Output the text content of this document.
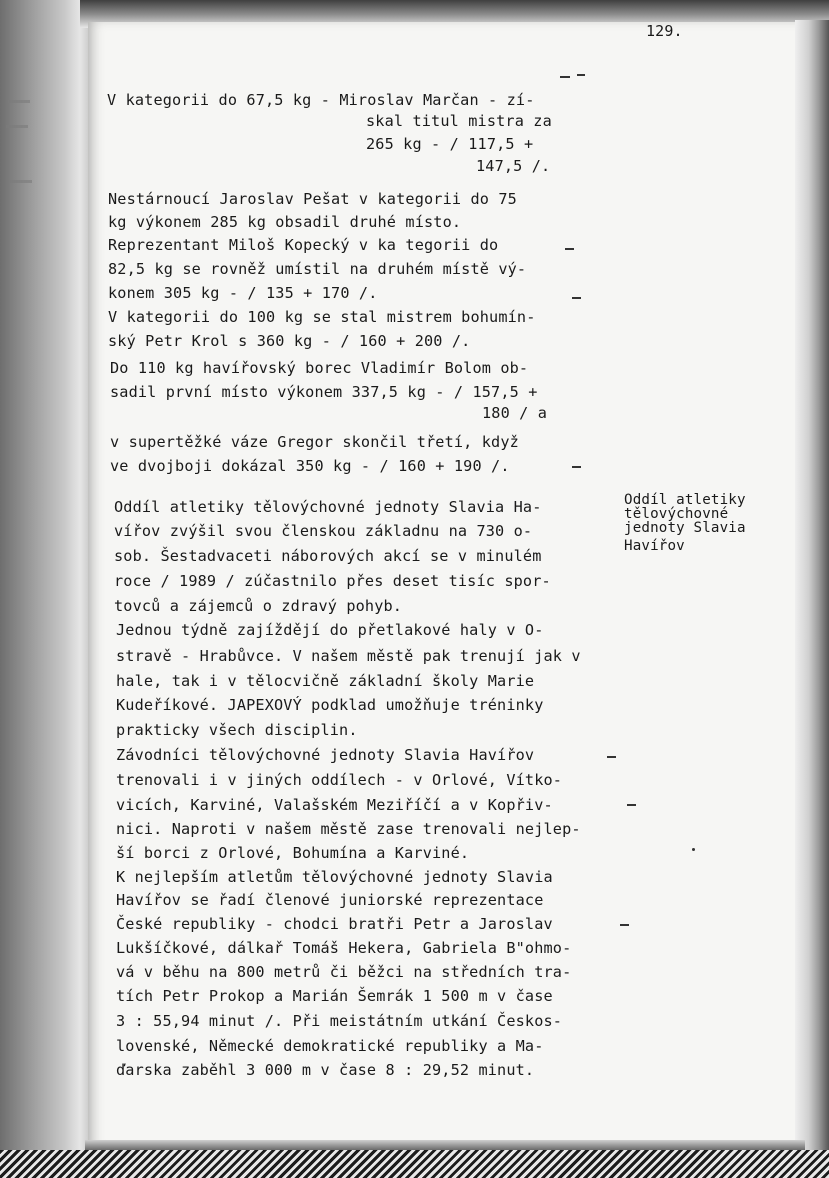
129.
V kategorii do 67,5 kg - Miroslav Marčan - zí-
skal titul mistra za
265 kg - / 117,5 +
147,5 /.
Nestárnoucí Jaroslav Pešat v kategorii do 75
kg výkonem 285 kg obsadil druhé místo.
Reprezentant Miloš Kopecký v ka tegorii do
82,5 kg se rovněž umístil na druhém místě vý-
konem 305 kg - / 135 + 170 /.
V kategorii do 100 kg se stal mistrem bohumín-
ský Petr Krol s 360 kg - / 160 + 200 /.
Do 110 kg havířovský borec Vladimír Bolom ob-
sadil první místo výkonem 337,5 kg - / 157,5 +
180 / a
v supertěžké váze Gregor skončil třetí, když
ve dvojboji dokázal 350 kg - / 160 + 190 /.
Oddíl atletiky tělovýchovné jednoty Slavia Ha-
vířov zvýšil svou členskou základnu na 730 o-
sob. Šestadvaceti náborových akcí se v minulém
roce / 1989 / zúčastnilo přes deset tisíc spor-
tovců a zájemců o zdravý pohyb.
Jednou týdně zajíždějí do přetlakové haly v O-
stravě - Hrabůvce. V našem městě pak trenují jak v
hale, tak i v tělocvičně základní školy Marie
Kudeříkové. JAPEXOVÝ podklad umožňuje tréninky
prakticky všech disciplin.
Závodníci tělovýchovné jednoty Slavia Havířov
trenovali i v jiných oddílech - v Orlové, Vítko-
vicích, Karviné, Valašském Meziříčí a v Kopřiv-
nici. Naproti v našem městě zase trenovali nejlep-
ší borci z Orlové, Bohumína a Karviné.
K nejlepším atletům tělovýchovné jednoty Slavia
Havířov se řadí členové juniorské reprezentace
České republiky - chodci bratři Petr a Jaroslav
Lukšíčkové, dálkař Tomáš Hekera, Gabriela B"ohmo-
vá v běhu na 800 metrů či běžci na středních tra-
tích Petr Prokop a Marián Šemrák 1 500 m v čase
3 : 55,94 minut /. Při meistátním utkání Českos-
lovenské, Německé demokratické republiky a Ma-
ďarska zaběhl 3 000 m v čase 8 : 29,52 minut.
Oddíl atletiky
tělovýchovné
jednoty Slavia
Havířov
